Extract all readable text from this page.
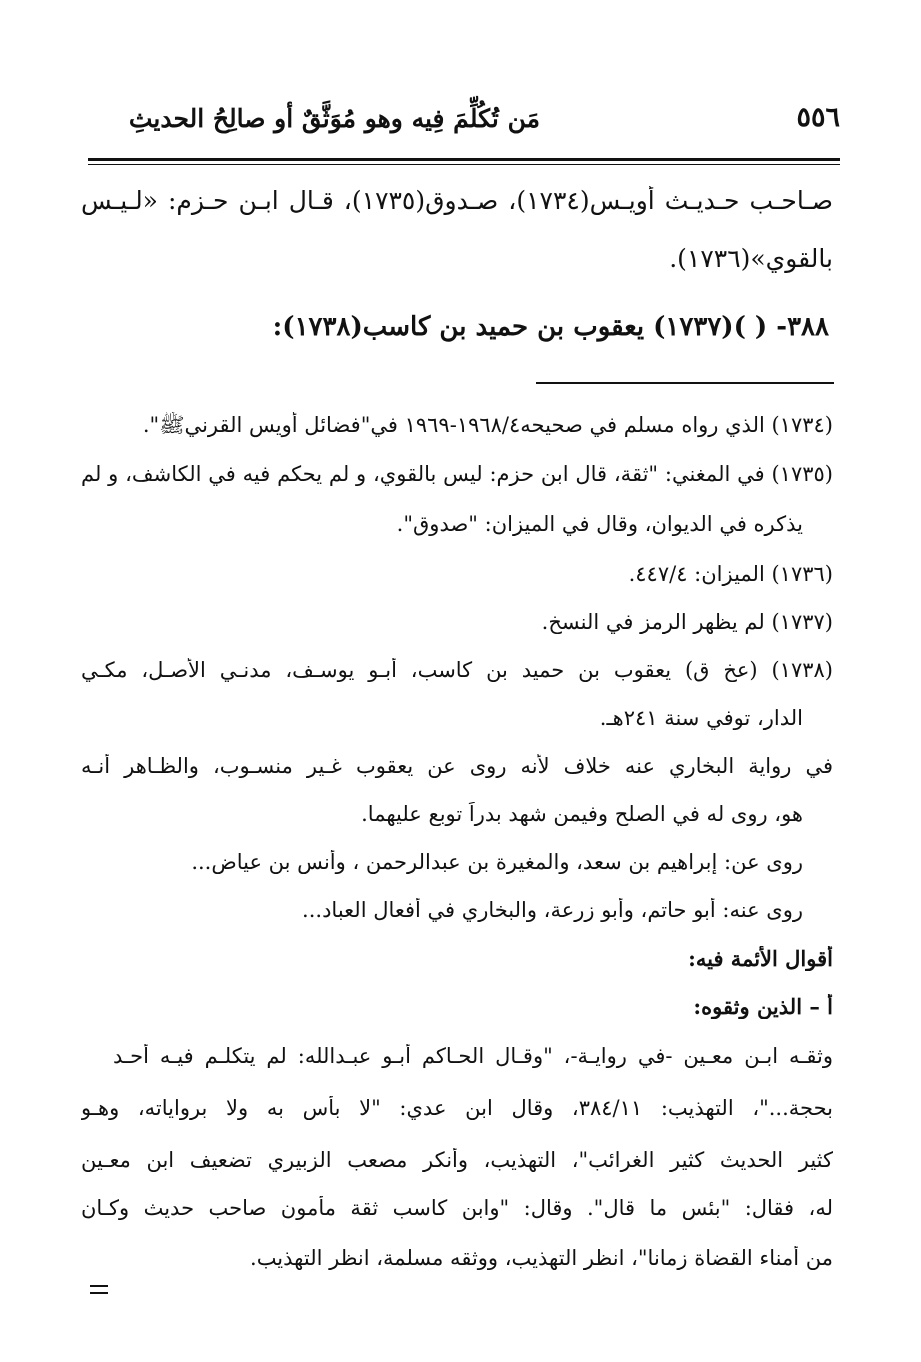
مَن تُكُلِّمَ فِيه وهو مُوَثَّقٌ أو صالِحُ الحديثِ	٥٥٦
صـاحـب حـديـث أويـس(١٧٣٤)، صـدوق(١٧٣٥)، قـال ابـن حـزم: «لـيـس
بالقوي»(١٧٣٦).
٣٨٨- ( )(١٧٣٧) يعقوب بن حميد بن كاسب(١٧٣٨):
(١٧٣٤) الذي رواه مسلم في صحيحه١٩٦٨/٤-١٩٦٩ في"فضائل أويس القرنيﷺ".
(١٧٣٥) في المغني: "ثقة، قال ابن حزم: ليس بالقوي، و لم يحكم فيه في الكاشف، و لم
يذكره في الديوان، وقال في الميزان: "صدوق".
(١٧٣٦) الميزان: ٤٤٧/٤.
(١٧٣٧) لم يظهر الرمز في النسخ.
(١٧٣٨) (عخ ق) يعقوب بن حميد بن كاسب، أبـو يوسـف، مدنـي الأصـل، مكـي
الدار، توفي سنة ٢٤١هـ.
في رواية البخاري عنه خلاف لأنه روى عن يعقوب غـير منسـوب، والظـاهر أنـه
هو، روى له في الصلح وفيمن شهد بدراً توبع عليهما.
روى عن: إبراهيم بن سعد، والمغيرة بن عبدالرحمن ، وأنس بن عياض...
روى عنه: أبو حاتم، وأبو زرعة، والبخاري في أفعال العباد...
أقوال الأئمة فيه:
أ – الذين وثقوه:
وثقـه ابـن معـين -في روايـة-، "وقـال الحـاكم أبـو عبـدالله: لم يتكلـم فيـه أحـد
بحجة..."، التهذيب: ٣٨٤/١١، وقال ابن عدي: "لا بأس به ولا برواياته، وهـو
كثير الحديث كثير الغرائب"، التهذيب، وأنكر مصعب الزبيري تضعيف ابن معـين
له، فقال: "بئس ما قال". وقال: "وابن كاسب ثقة مأمون صاحب حديث وكـان
من أمناء القضاة زمانا"، انظر التهذيب، ووثقه مسلمة، انظر التهذيب.
